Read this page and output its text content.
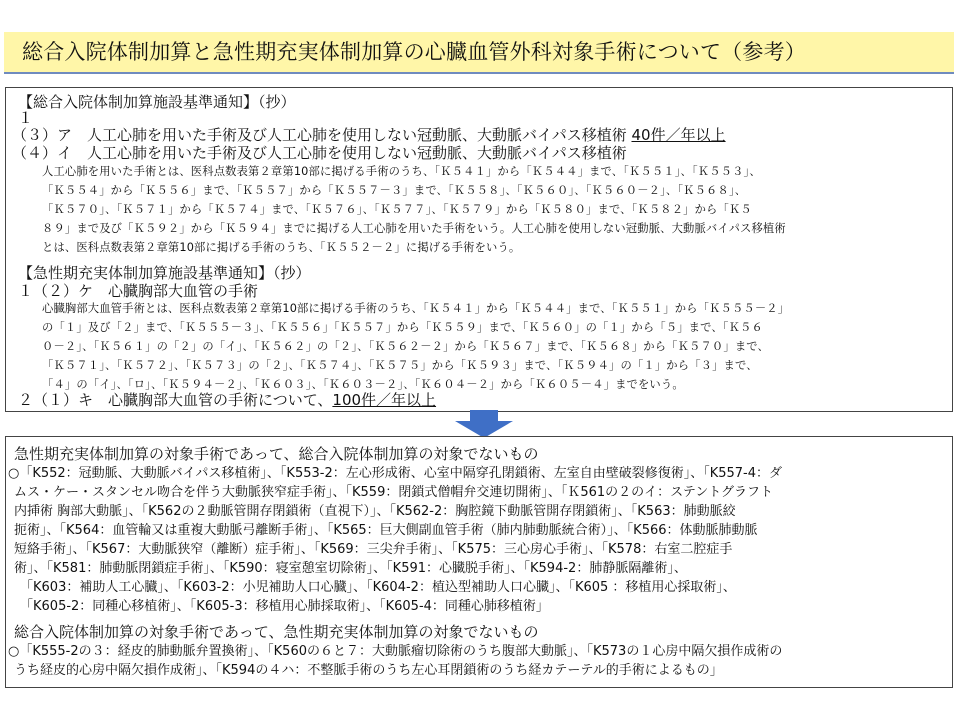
総合入院体制加算と急性期充実体制加算の心臓血管外科対象手術について（参考）
【総合入院体制加算施設基準通知】（抄）
１
（３）ア　人工心肺を用いた手術及び人工心肺を使用しない冠動脈、大動脈バイパス移植術 40件／年以上
（４）イ　人工心肺を用いた手術及び人工心肺を使用しない冠動脈、大動脈バイパス移植術
人工心肺を用いた手術とは、医科点数表第２章第10部に掲げる手術のうち、「Ｋ５４１」から「Ｋ５４４」まで、「Ｋ５５１」、「Ｋ５５３」、
「Ｋ５５４」から「Ｋ５５６」まで、「Ｋ５５７」から「Ｋ５５７－３」まで、「Ｋ５５８」、「Ｋ５６０」、「Ｋ５６０－２」、「Ｋ５６８」、
「Ｋ５７０」、「Ｋ５７１」から「Ｋ５７４」まで、「Ｋ５７６」、「Ｋ５７７」、「Ｋ５７９」から「Ｋ５８０」まで、「Ｋ５８２」から「Ｋ５
８９」まで及び「Ｋ５９２」から「Ｋ５９４」までに掲げる人工心肺を用いた手術をいう。人工心肺を使用しない冠動脈、大動脈バイパス移植術
とは、医科点数表第２章第10部に掲げる手術のうち、「Ｋ５５２－２」に掲げる手術をいう。
【急性期充実体制加算施設基準通知】（抄）
１（２）ケ　心臓胸部大血管の手術
心臓胸部大血管手術とは、医科点数表第２章第10部に掲げる手術のうち、「Ｋ５４１」から「Ｋ５４４」まで、「Ｋ５５１」から「Ｋ５５５－２」
の「１」及び「２」まで、「Ｋ５５５－３」、「Ｋ５５６」「Ｋ５５７」から「Ｋ５５９」まで、「Ｋ５６０」の「１」から「５」まで、「Ｋ５６
０－２」、「Ｋ５６１」の「２」の「イ」、「Ｋ５６２」の「２」、「Ｋ５６２－２」から「Ｋ５６７」まで、「Ｋ５６８」から「Ｋ５７０」まで、
「Ｋ５７１」、「Ｋ５７２」、「Ｋ５７３」の「２」、「Ｋ５７４」、「Ｋ５７５」から「Ｋ５９３」まで、「Ｋ５９４」の「１」から「３」まで、
「４」の「イ」、「ロ」、「Ｋ５９４－２」、「Ｋ６０３」、「Ｋ６０３－２」、「Ｋ６０４－２」から「Ｋ６０５－４」までをいう。
２（１）キ　心臓胸部大血管の手術について、100件／年以上
急性期充実体制加算の対象手術であって、総合入院体制加算の対象でないもの
○「K552：冠動脈、大動脈バイパス移植術」、「K553-2：左心形成術、心室中隔穿孔閉鎖術、左室自由壁破裂修復術」、「K557-4：ダ
ムス・ケー・スタンセル吻合を伴う大動脈狭窄症手術」、「K559：閉鎖式僧帽弁交連切開術」、「Ｋ561の２のイ：ステントグラフト
内挿術 胸部大動脈」、「K562の２動脈管開存閉鎖術（直視下）」、「K562-2：胸腔鏡下動脈管開存閉鎖術」、「K563：肺動脈絞
扼術」、「K564：血管輪又は重複大動脈弓離断手術」、「K565：巨大側副血管手術（肺内肺動脈統合術）」、「K566：体動脈肺動脈
短絡手術」、「K567：大動脈狭窄（離断）症手術」、「K569：三尖弁手術」、「K575：三心房心手術」、「K578：右室二腔症手
術」、「K581：肺動脈閉鎖症手術」、「K590：寝室憩室切除術」、「K591：心臓脱手術」、「K594-2：肺静脈隔離術」、
「K603：補助人工心臓」、「K603-2：小児補助人口心臓」、「K604-2：植込型補助人口心臓」、「K605 ：移植用心採取術」、
「K605-2：同種心移植術」、「K605-3：移植用心肺採取術」、「K605-4：同種心肺移植術」
総合入院体制加算の対象手術であって、急性期充実体制加算の対象でないもの
○「K555-2の３：経皮的肺動脈弁置換術」、「K560の６と７：大動脈瘤切除術のうち腹部大動脈」、「K573の１心房中隔欠損作成術の
うち経皮的心房中隔欠損作成術」、「K594の４ハ：不整脈手術のうち左心耳閉鎖術のうち経カテーテル的手術によるもの」
